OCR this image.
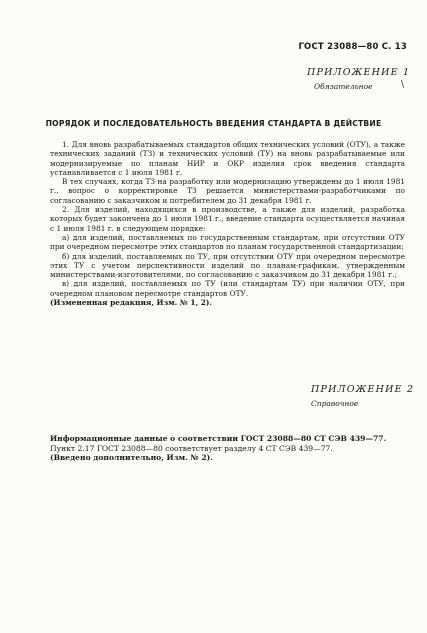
ГОСТ 23088—80 С. 13
ПРИЛОЖЕНИЕ 1
\
Обязательное
ПОРЯДОК И ПОСЛЕДОВАТЕЛЬНОСТЬ ВВЕДЕНИЯ СТАНДАРТА В ДЕЙСТВИЕ

1. Для вновь разрабатываемых стандартов общих технических условий (ОТУ), а также технических заданий (ТЗ) и технических условий (ТУ) на вновь разрабатываемые или модернизируемые по планам НИР и ОКР изделия срок введения стандарта устанавливается с 1 июля 1981 г.

В тех случаях, когда ТЗ на разработку или модернизацию утверждены до 1 июля 1981 г., вопрос о корректировке ТЗ решается министерствами-разработчиками по согласованию с заказчиком и потребителем до 31 декабря 1981 г.

2. Для изделий, находящихся в производстве, а также для изделий, разработка которых будет закончена до 1 июля 1981 г., введение стандарта осуществляется начиная с 1 июля 1981 г. в следующем порядке:

а) для изделий, поставляемых по государственным стандартам, при отсутствии ОТУ при очередном пересмотре этих стандартов по планам государственной стандартизации;

б) для изделий, поставляемых по ТУ, при отсутствии ОТУ при очередном пересмотре этих ТУ с учетом перспективности изделий по планам-графикам, утвержденным министерствами-изготовителями, по согласованию с заказчиком до 31 декабря 1981 г.;

в) для изделий, поставляемых по ТУ (или стандартам ТУ) при наличии ОТУ, при очередном плановом пересмотре стандартов ОТУ.

(Измененная редакция, Изм. № 1, 2).

ПРИЛОЖЕНИЕ 2
Справочное

Информационные данные о соответствии ГОСТ 23088—80 СТ СЭВ 439—77.

Пункт 2.17 ГОСТ 23088—80 соответствует разделу 4 СТ СЭВ 439—77.

(Введено дополнительно, Изм. № 2).
